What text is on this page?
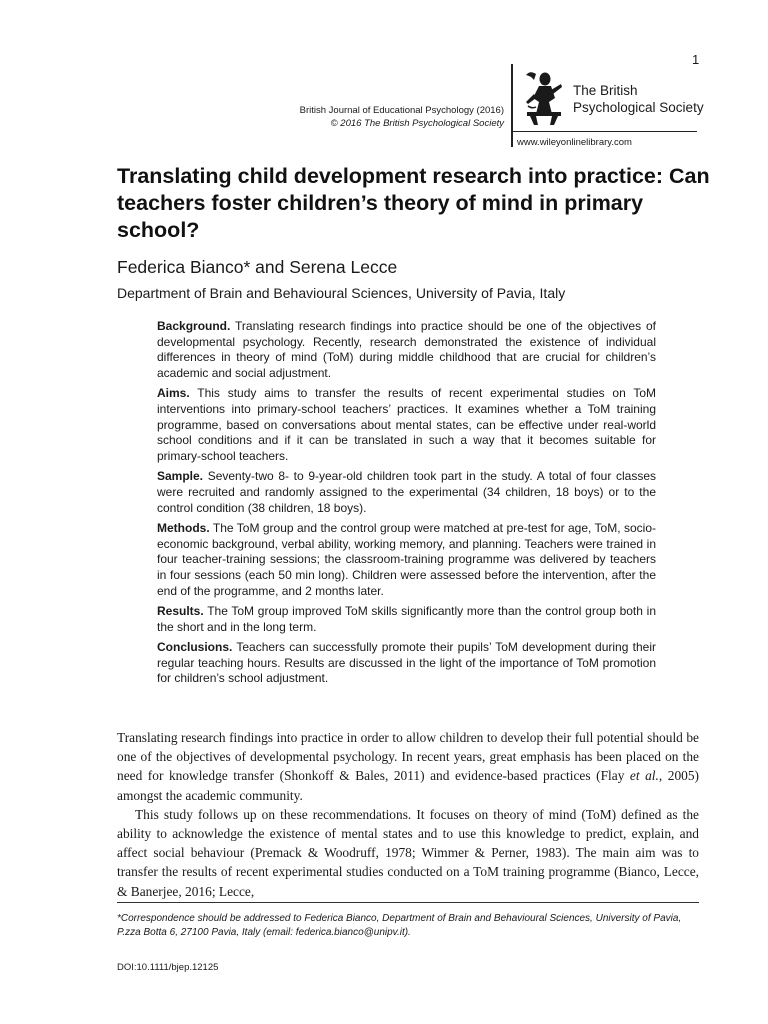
1
British Journal of Educational Psychology (2016)
© 2016 The British Psychological Society
The British
Psychological Society
www.wileyonlinelibrary.com
Translating child development research into practice: Can teachers foster children’s theory of mind in primary school?
Federica Bianco* and Serena Lecce
Department of Brain and Behavioural Sciences, University of Pavia, Italy

Background. Translating research findings into practice should be one of the objectives of developmental psychology. Recently, research demonstrated the existence of individual differences in theory of mind (ToM) during middle childhood that are crucial for children’s academic and social adjustment.

Aims. This study aims to transfer the results of recent experimental studies on ToM interventions into primary-school teachers’ practices. It examines whether a ToM training programme, based on conversations about mental states, can be effective under real-world school conditions and if it can be translated in such a way that it becomes suitable for primary-school teachers.

Sample. Seventy-two 8- to 9-year-old children took part in the study. A total of four classes were recruited and randomly assigned to the experimental (34 children, 18 boys) or to the control condition (38 children, 18 boys).

Methods. The ToM group and the control group were matched at pre-test for age, ToM, socio-economic background, verbal ability, working memory, and planning. Teachers were trained in four teacher-training sessions; the classroom-training programme was delivered by teachers in four sessions (each 50 min long). Children were assessed before the intervention, after the end of the programme, and 2 months later.

Results. The ToM group improved ToM skills significantly more than the control group both in the short and in the long term.

Conclusions. Teachers can successfully promote their pupils’ ToM development during their regular teaching hours. Results are discussed in the light of the importance of ToM promotion for children’s school adjustment.

Translating research findings into practice in order to allow children to develop their full potential should be one of the objectives of developmental psychology. In recent years, great emphasis has been placed on the need for knowledge transfer (Shonkoff & Bales, 2011) and evidence-based practices (Flay et al., 2005) amongst the academic community.

This study follows up on these recommendations. It focuses on theory of mind (ToM) defined as the ability to acknowledge the existence of mental states and to use this knowledge to predict, explain, and affect social behaviour (Premack & Woodruff, 1978; Wimmer & Perner, 1983). The main aim was to transfer the results of recent experimental studies conducted on a ToM training programme (Bianco, Lecce, & Banerjee, 2016; Lecce,

*Correspondence should be addressed to Federica Bianco, Department of Brain and Behavioural Sciences, University of Pavia, P.zza Botta 6, 27100 Pavia, Italy (email: federica.bianco@unipv.it).
DOI:10.1111/bjep.12125
